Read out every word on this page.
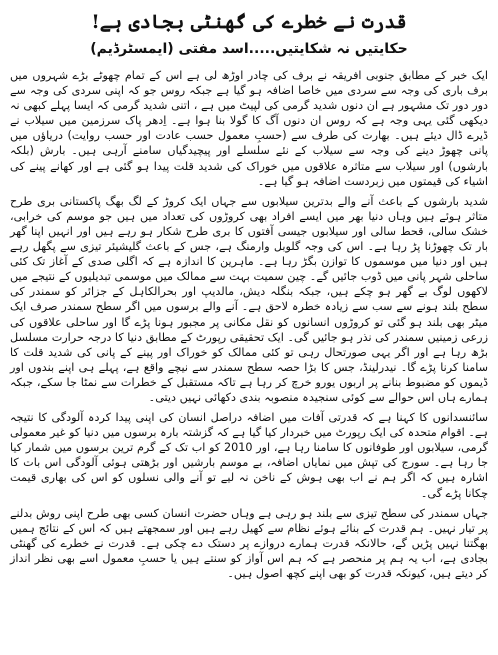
قدرت نے خطرے کی گھنٹی بجادی ہے!
حکایتیں نہ شکایتیں.....اسد مفتی (ایمسٹرڈیم)

ایک خبر کے مطابق جنوبی افریقہ نے برف کی چادر اوڑھ لی ہے اس کے تمام چھوٹے بڑے شہروں میں برف باری کی وجہ سے سردی میں خاصا اضافہ ہو گیا ہے جبکہ روس جو کہ اپنی سردی کی وجہ سے دور دور تک مشہور ہے ان دنوں شدید گرمی کی لپیٹ میں ہے ، اتنی شدید گرمی کہ ایسا پہلے کبھی نہ دیکھی گئی یہی وجہ ہے کہ روس ان دنوں آگ کا گولا بنا ہوا ہے۔ اِدھر پاک سرزمین میں سیلاب نے ڈیرے ڈال دیئے ہیں۔ بھارت کی طرف سے (حسبِ معمول حسب عادت اور حسب روایت) دریاؤں میں پانی چھوڑ دینے کی وجہ سے سیلاب کے نئے سلسلے اور پیچیدگیاں سامنے آرہی ہیں۔ بارش (بلکہ بارشوں) اور سیلاب سے متاثرہ علاقوں میں خوراک کی شدید قلت پیدا ہو گئی ہے اور کھانے پینے کی اشیاء کی قیمتوں میں زبردست اضافہ ہو گیا ہے۔

شدید بارشوں کے باعث آنے والے بدترین سیلابوں سے جہاں ایک کروڑ کے لگ بھگ پاکستانی بری طرح متاثر ہوئے ہیں وہاں دنیا بھر میں ایسے افراد بھی کروڑوں کی تعداد میں ہیں جو موسم کی خرابی، خشک سالی، قحط سالی اور سیلابوں جیسی آفتوں کا بری طرح شکار ہو رہے ہیں اور انہیں اپنا گھر بار تک چھوڑنا پڑ رہا ہے۔ اس کی وجہ گلوبل وارمنگ ہے، جس کے باعث گلیشیئر تیزی سے پگھل رہے ہیں اور دنیا میں موسموں کا توازن بگڑ رہا ہے۔ ماہرین کا اندازہ ہے کہ اگلی صدی کے آغاز تک کئی ساحلی شہر پانی میں ڈوب جائیں گے۔ چین سمیت بہت سے ممالک میں موسمی تبدیلیوں کے نتیجے میں لاکھوں لوگ بے گھر ہو چکے ہیں، جبکہ بنگلہ دیش، مالدیپ اور بحرالکاہل کے جزائر کو سمندر کی سطح بلند ہونے سے سب سے زیادہ خطرہ لاحق ہے۔ آنے والے برسوں میں اگر سطح سمندر صرف ایک میٹر بھی بلند ہو گئی تو کروڑوں انسانوں کو نقل مکانی پر مجبور ہونا پڑے گا اور ساحلی علاقوں کی زرعی زمینیں سمندر کی نذر ہو جائیں گی۔ ایک تحقیقی رپورٹ کے مطابق دنیا کا درجہ حرارت مسلسل بڑھ رہا ہے اور اگر یہی صورتحال رہی تو کئی ممالک کو خوراک اور پینے کے پانی کی شدید قلت کا سامنا کرنا پڑے گا۔ نیدرلینڈ، جس کا بڑا حصہ سطح سمندر سے نیچے واقع ہے، پہلے ہی اپنے بندوں اور ڈیموں کو مضبوط بنانے پر اربوں یورو خرچ کر رہا ہے تاکہ مستقبل کے خطرات سے نمٹا جا سکے، جبکہ ہمارے ہاں اس حوالے سے کوئی سنجیدہ منصوبہ بندی دکھائی نہیں دیتی۔

سائنسدانوں کا کہنا ہے کہ قدرتی آفات میں اضافہ دراصل انسان کی اپنی پیدا کردہ آلودگی کا نتیجہ ہے۔ اقوام متحدہ کی ایک رپورٹ میں خبردار کیا گیا ہے کہ گزشتہ بارہ برسوں میں دنیا کو غیر معمولی گرمی، سیلابوں اور طوفانوں کا سامنا رہا ہے، اور 2010 کو اب تک کے گرم ترین برسوں میں شمار کیا جا رہا ہے۔ سورج کی تپش میں نمایاں اضافہ، بے موسم بارشیں اور بڑھتی ہوئی آلودگی اس بات کا اشارہ ہیں کہ اگر ہم نے اب بھی ہوش کے ناخن نہ لیے تو آنے والی نسلوں کو اس کی بھاری قیمت چکانا پڑے گی۔

جہاں سمندر کی سطح تیزی سے بلند ہو رہی ہے وہاں حضرت انسان کسی بھی طرح اپنی روش بدلنے پر تیار نہیں۔ ہم قدرت کے بنائے ہوئے نظام سے کھیل رہے ہیں اور سمجھتے ہیں کہ اس کے نتائج ہمیں بھگتنا نہیں پڑیں گے، حالانکہ قدرت ہمارے دروازے پر دستک دے چکی ہے۔ قدرت نے خطرے کی گھنٹی بجادی ہے، اب یہ ہم پر منحصر ہے کہ ہم اس آواز کو سنتے ہیں یا حسبِ معمول اسے بھی نظر انداز کر دیتے ہیں، کیونکہ قدرت کو بھی اپنے کچھ اصول ہیں۔
